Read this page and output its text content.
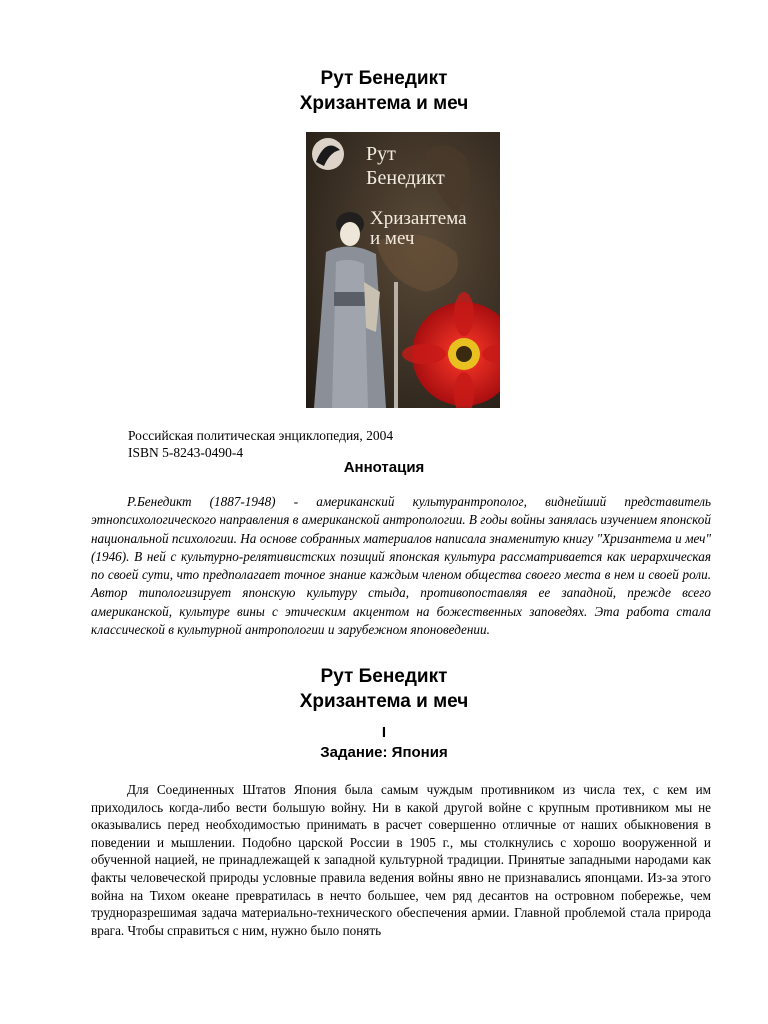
Рут Бенедикт
Хризантема и меч
Рут
Бенедикт
Хризантема
и меч
Российская политическая энциклопедия, 2004
ISBN 5-8243-0490-4
Аннотация
Р.Бенедикт (1887-1948) - американский культурантрополог, виднейший представитель этнопсихологического направления в американской антропологии. В годы войны занялась изучением японской национальной психологии. На основе собранных материалов написала знаменитую книгу "Хризантема и меч" (1946). В ней с культурно-релятивистских позиций японская культура рассматривается как иерархическая по своей сути, что предполагает точное знание каждым членом общества своего места в нем и своей роли. Автор типологизирует японскую культуру стыда, противопоставляя ее западной, прежде всего американской, культуре вины с этическим акцентом на божественных заповедях. Эта работа стала классической в культурной антропологии и зарубежном японоведении.
Рут Бенедикт
Хризантема и меч
I
Задание: Япония
Для Соединенных Штатов Япония была самым чуждым противником из числа тех, с кем им приходилось когда-либо вести большую войну. Ни в какой другой войне с крупным противником мы не оказывались перед необходимостью принимать в расчет совершенно отличные от наших обыкновения в поведении и мышлении. Подобно царской России в 1905 г., мы столкнулись с хорошо вооруженной и обученной нацией, не принадлежащей к западной культурной традиции. Принятые западными народами как факты человеческой природы условные правила ведения войны явно не признавались японцами. Из-за этого война на Тихом океане превратилась в нечто большее, чем ряд десантов на островном побережье, чем трудноразрешимая задача материально-технического обеспечения армии. Главной проблемой стала природа врага. Чтобы справиться с ним, нужно было понять
